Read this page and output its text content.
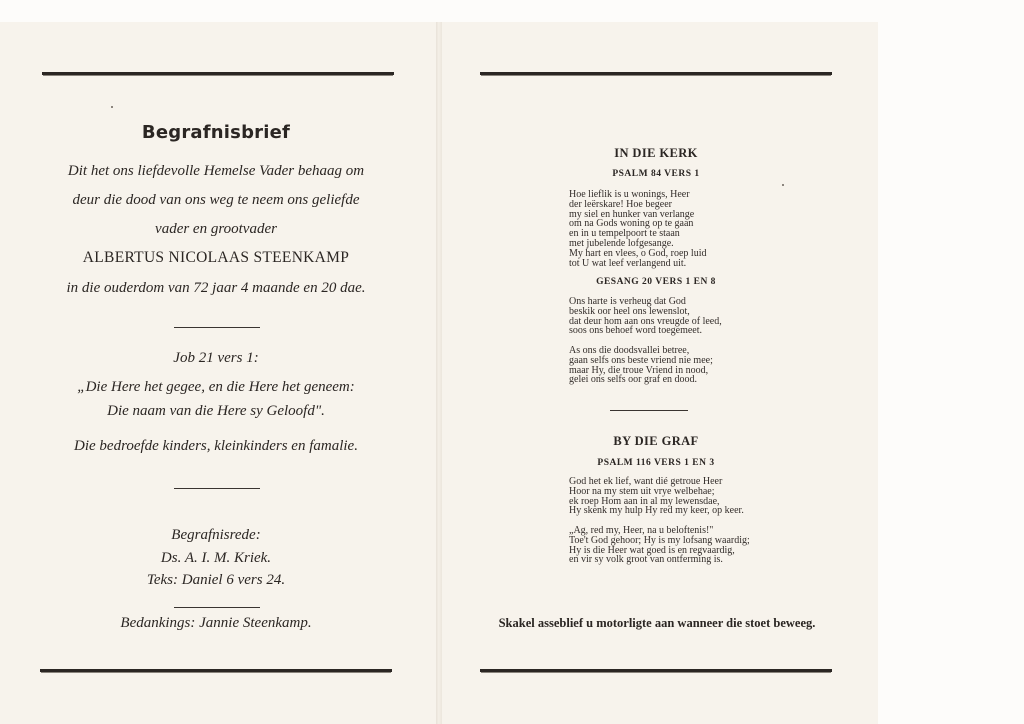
Begrafnisbrief
Dit het ons liefdevolle Hemelse Vader behaag om
deur die dood van ons weg te neem ons geliefde
vader en grootvader
ALBERTUS NICOLAAS STEENKAMP
in die ouderdom van 72 jaar 4 maande en 20 dae.
Job 21 vers 1:
„Die Here het gegee, en die Here het geneem:
Die naam van die Here sy Geloofd".
Die bedroefde kinders, kleinkinders en famalie.
Begrafnisrede:
Ds. A. I. M. Kriek.
Teks: Daniel 6 vers 24.
Bedankings: Jannie Steenkamp.
IN DIE KERK
PSALM 84 VERS 1
Hoe lieflik is u wonings, Heer
der leërskare! Hoe begeer
my siel en hunker van verlange
om na Gods woning op te gaan
en in u tempelpoort te staan
met jubelende lofgesange.
My hart en vlees, o God, roep luid
tot U wat leef verlangend uit.
GESANG 20 VERS 1 EN 8
Ons harte is verheug dat God
beskik oor heel ons lewenslot,
dat deur hom aan ons vreugde of leed,
soos ons behoef word toegemeet.
As ons die doodsvallei betree,
gaan selfs ons beste vriend nie mee;
maar Hy, die troue Vriend in nood,
gelei ons selfs oor graf en dood.
BY DIE GRAF
PSALM 116 VERS 1 EN 3
God het ek lief, want dié getroue Heer
Hoor na my stem uit vrye welbehae;
ek roep Hom aan in al my lewensdae,
Hy skenk my hulp Hy red my keer, op keer.
„Ag, red my, Heer, na u beloftenis!"
Toe't God gehoor; Hy is my lofsang waardig;
Hy is die Heer wat goed is en regvaardig,
en vir sy volk groot van ontferming is.
Skakel asseblief u motorligte aan wanneer die stoet beweeg.
